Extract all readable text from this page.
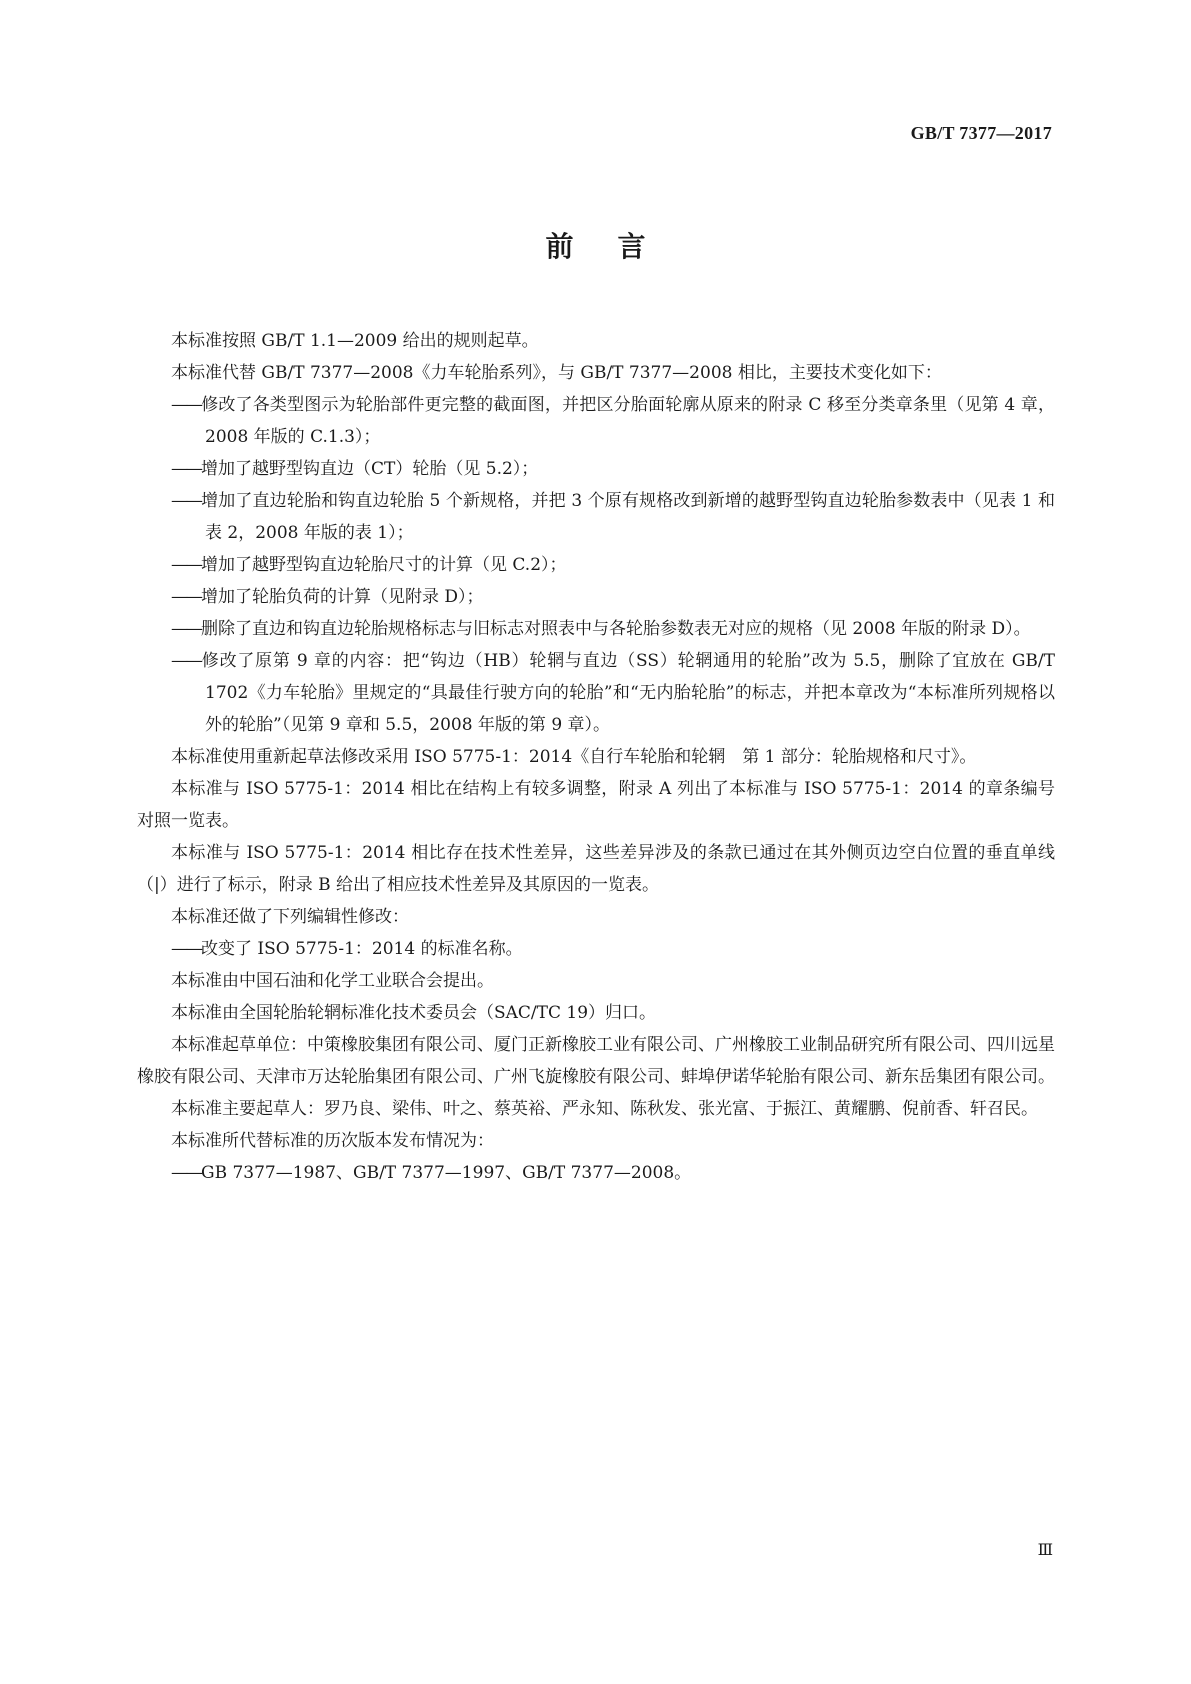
GB/T 7377—2017
前言

本标准按照 GB/T 1.1—2009 给出的规则起草。

本标准代替 GB/T 7377—2008《力车轮胎系列》，与 GB/T 7377—2008 相比，主要技术变化如下：

——修改了各类型图示为轮胎部件更完整的截面图，并把区分胎面轮廓从原来的附录 C 移至分类章条里（见第 4 章，2008 年版的 C.1.3）；

——增加了越野型钩直边（CT）轮胎（见 5.2）；

——增加了直边轮胎和钩直边轮胎 5 个新规格，并把 3 个原有规格改到新增的越野型钩直边轮胎参数表中（见表 1 和表 2，2008 年版的表 1）；

——增加了越野型钩直边轮胎尺寸的计算（见 C.2）；

——增加了轮胎负荷的计算（见附录 D）；

——删除了直边和钩直边轮胎规格标志与旧标志对照表中与各轮胎参数表无对应的规格（见 2008 年版的附录 D）。

——修改了原第 9 章的内容：把“钩边（HB）轮辋与直边（SS）轮辋通用的轮胎”改为 5.5，删除了宜放在 GB/T 1702《力车轮胎》里规定的“具最佳行驶方向的轮胎”和“无内胎轮胎”的标志，并把本章改为“本标准所列规格以外的轮胎”（见第 9 章和 5.5，2008 年版的第 9 章）。

本标准使用重新起草法修改采用 ISO 5775-1：2014《自行车轮胎和轮辋　第 1 部分：轮胎规格和尺寸》。

本标准与 ISO 5775-1：2014 相比在结构上有较多调整，附录 A 列出了本标准与 ISO 5775-1：2014 的章条编号对照一览表。

本标准与 ISO 5775-1：2014 相比存在技术性差异，这些差异涉及的条款已通过在其外侧页边空白位置的垂直单线（|）进行了标示，附录 B 给出了相应技术性差异及其原因的一览表。

本标准还做了下列编辑性修改：

——改变了 ISO 5775-1：2014 的标准名称。

本标准由中国石油和化学工业联合会提出。

本标准由全国轮胎轮辋标准化技术委员会（SAC/TC 19）归口。

本标准起草单位：中策橡胶集团有限公司、厦门正新橡胶工业有限公司、广州橡胶工业制品研究所有限公司、四川远星橡胶有限公司、天津市万达轮胎集团有限公司、广州飞旋橡胶有限公司、蚌埠伊诺华轮胎有限公司、新东岳集团有限公司。

本标准主要起草人：罗乃良、梁伟、叶之、蔡英裕、严永知、陈秋发、张光富、于振江、黄耀鹏、倪前香、轩召民。

本标准所代替标准的历次版本发布情况为：

——GB 7377—1987、GB/T 7377—1997、GB/T 7377—2008。

Ⅲ
